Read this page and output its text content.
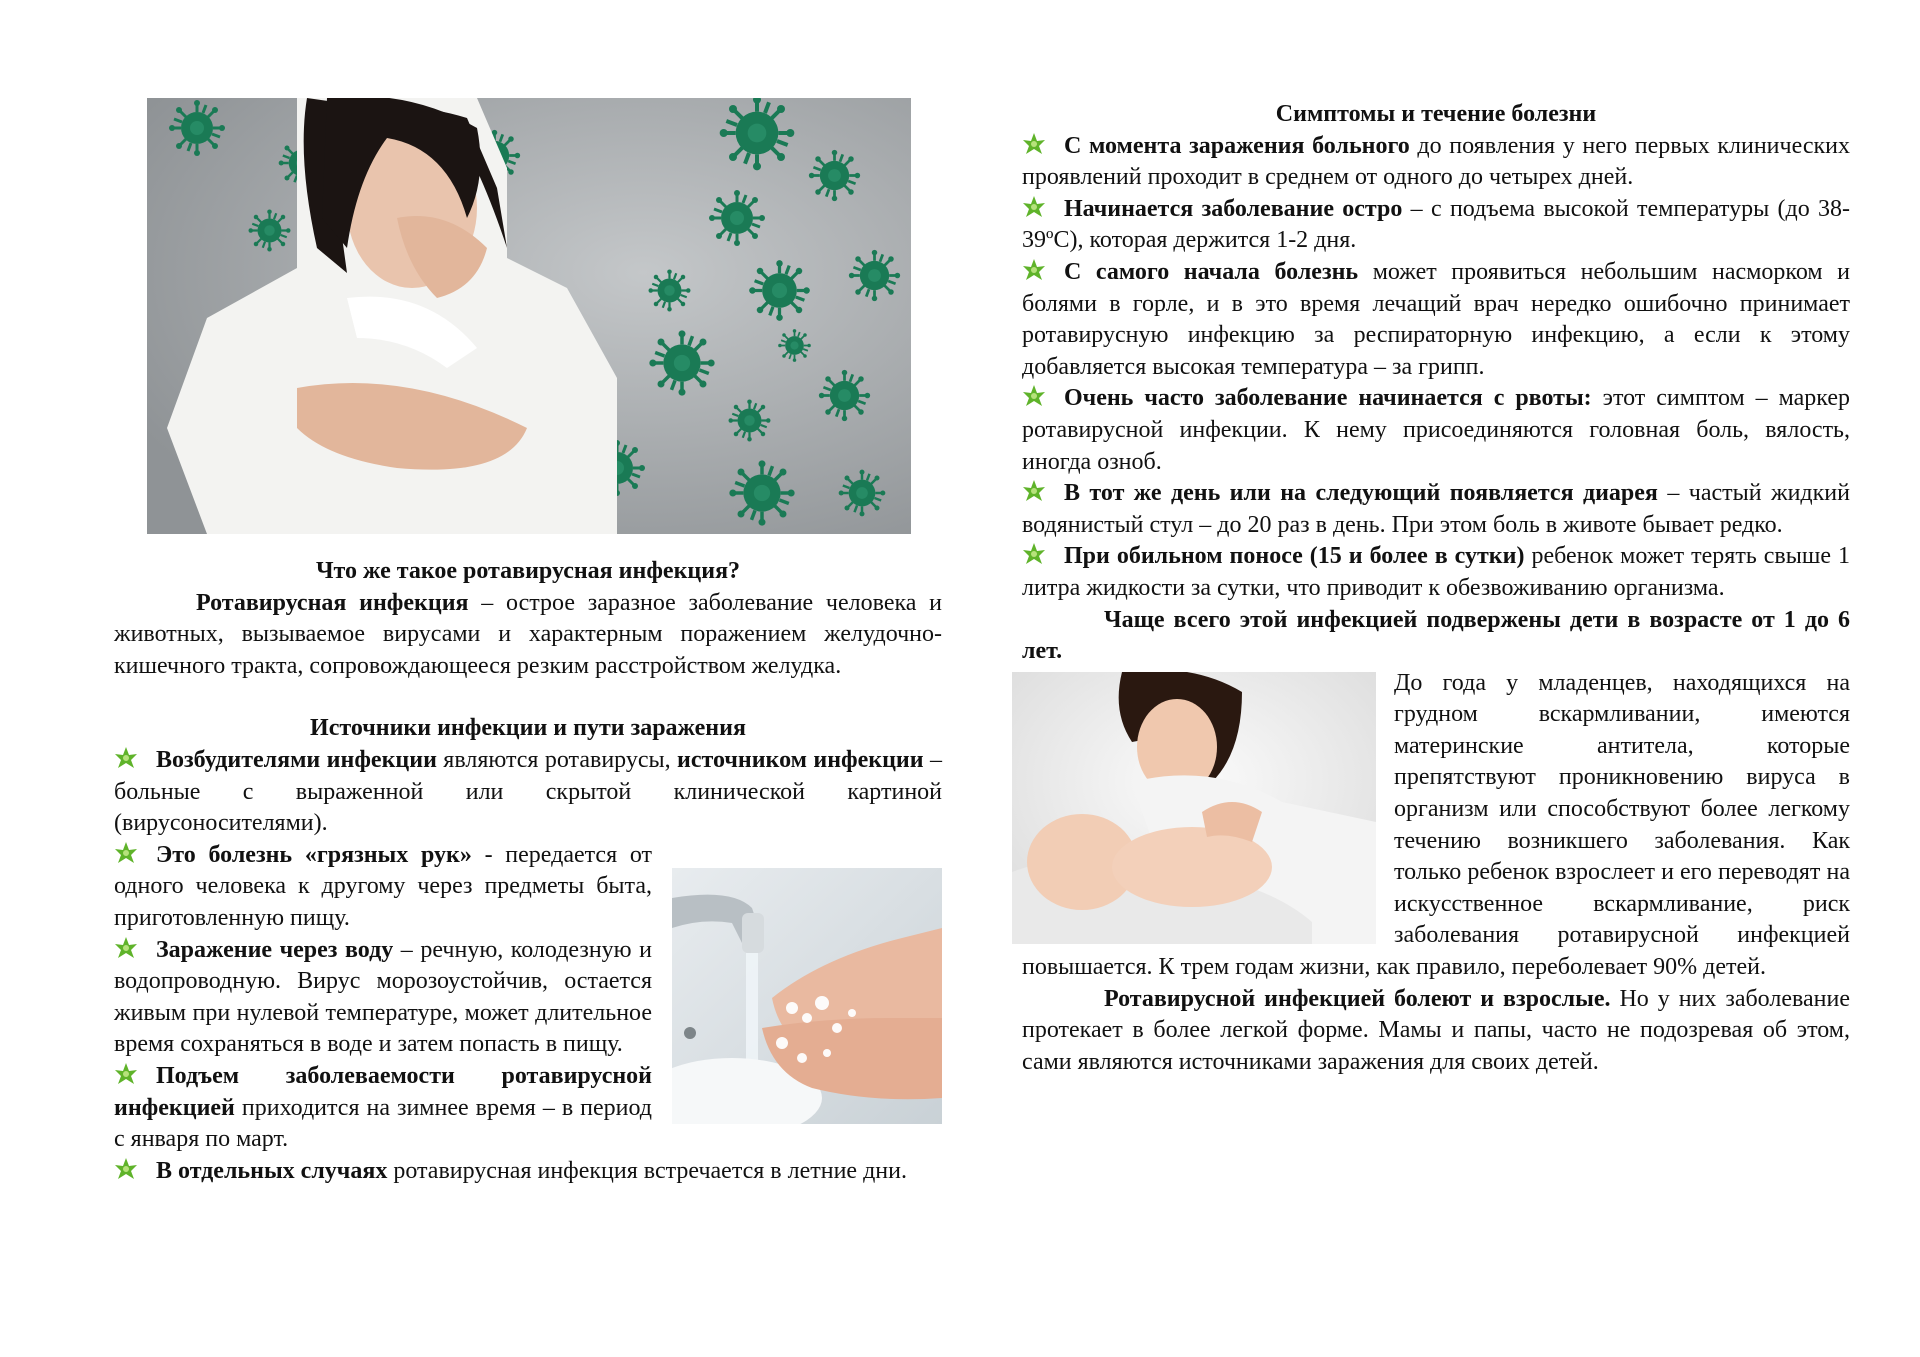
Что же такое ротавирусная инфекция?

Ротавирусная инфекция – острое заразное заболевание человека и животных, вызываемое вирусами и характерным поражением желудочно-кишечного тракта, сопровождающееся резким расстройством желудка.

Источники инфекции и пути заражения

Возбудителями инфекции являются ротавирусы, источником инфекции – больные с выраженной или скрытой клинической картиной (вирусоносителями).

Это болезнь «грязных рук» - передается от одного человека к другому через предметы быта, приготовленную пищу.

Заражение через воду – речную, колодезную и водопроводную. Вирус морозоустойчив, остается живым при нулевой температуре, может длительное время сохраняться в воде и затем попасть в пищу.

Подъем заболеваемости ротавирусной инфекцией приходится на зимнее время – в период с января по март.

В отдельных случаях ротавирусная инфекция встречается в летние дни.

Симптомы и течение болезни

С момента заражения больного до появления у него первых клинических проявлений проходит в среднем от одного до четырех дней.

Начинается заболевание остро – с подъема высокой температуры (до 38-39ºС), которая держится 1-2 дня.

С самого начала болезнь может проявиться небольшим насморком и болями в горле, и в это время лечащий врач нередко ошибочно принимает ротавирусную инфекцию за респираторную инфекцию, а если к этому добавляется высокая температура – за грипп.

Очень часто заболевание начинается с рвоты: этот симптом – маркер ротавирусной инфекции. К нему присоединяются головная боль, вялость, иногда озноб.

В тот же день или на следующий появляется диарея – частый жидкий водянистый стул – до 20 раз в день. При этом боль в животе бывает редко.

При обильном поносе (15 и более в сутки) ребенок может терять свыше 1 литра жидкости за сутки, что приводит к обезвоживанию организма.

Чаще всего этой инфекцией подвержены дети в возрасте от 1 до 6 лет.

До года у младенцев, находящихся на грудном вскармливании, имеются материнские антитела, которые препятствуют проникновению вируса в организм или способствуют более легкому течению возникшего заболевания. Как только ребенок взрослеет и его переводят на искусственное вскармливание, риск заболевания ротавирусной инфекцией повышается. К трем годам жизни, как правило, переболевает 90% детей.

Ротавирусной инфекцией болеют и взрослые. Но у них заболевание протекает в более легкой форме. Мамы и папы, часто не подозревая об этом, сами являются источниками заражения для своих детей.
